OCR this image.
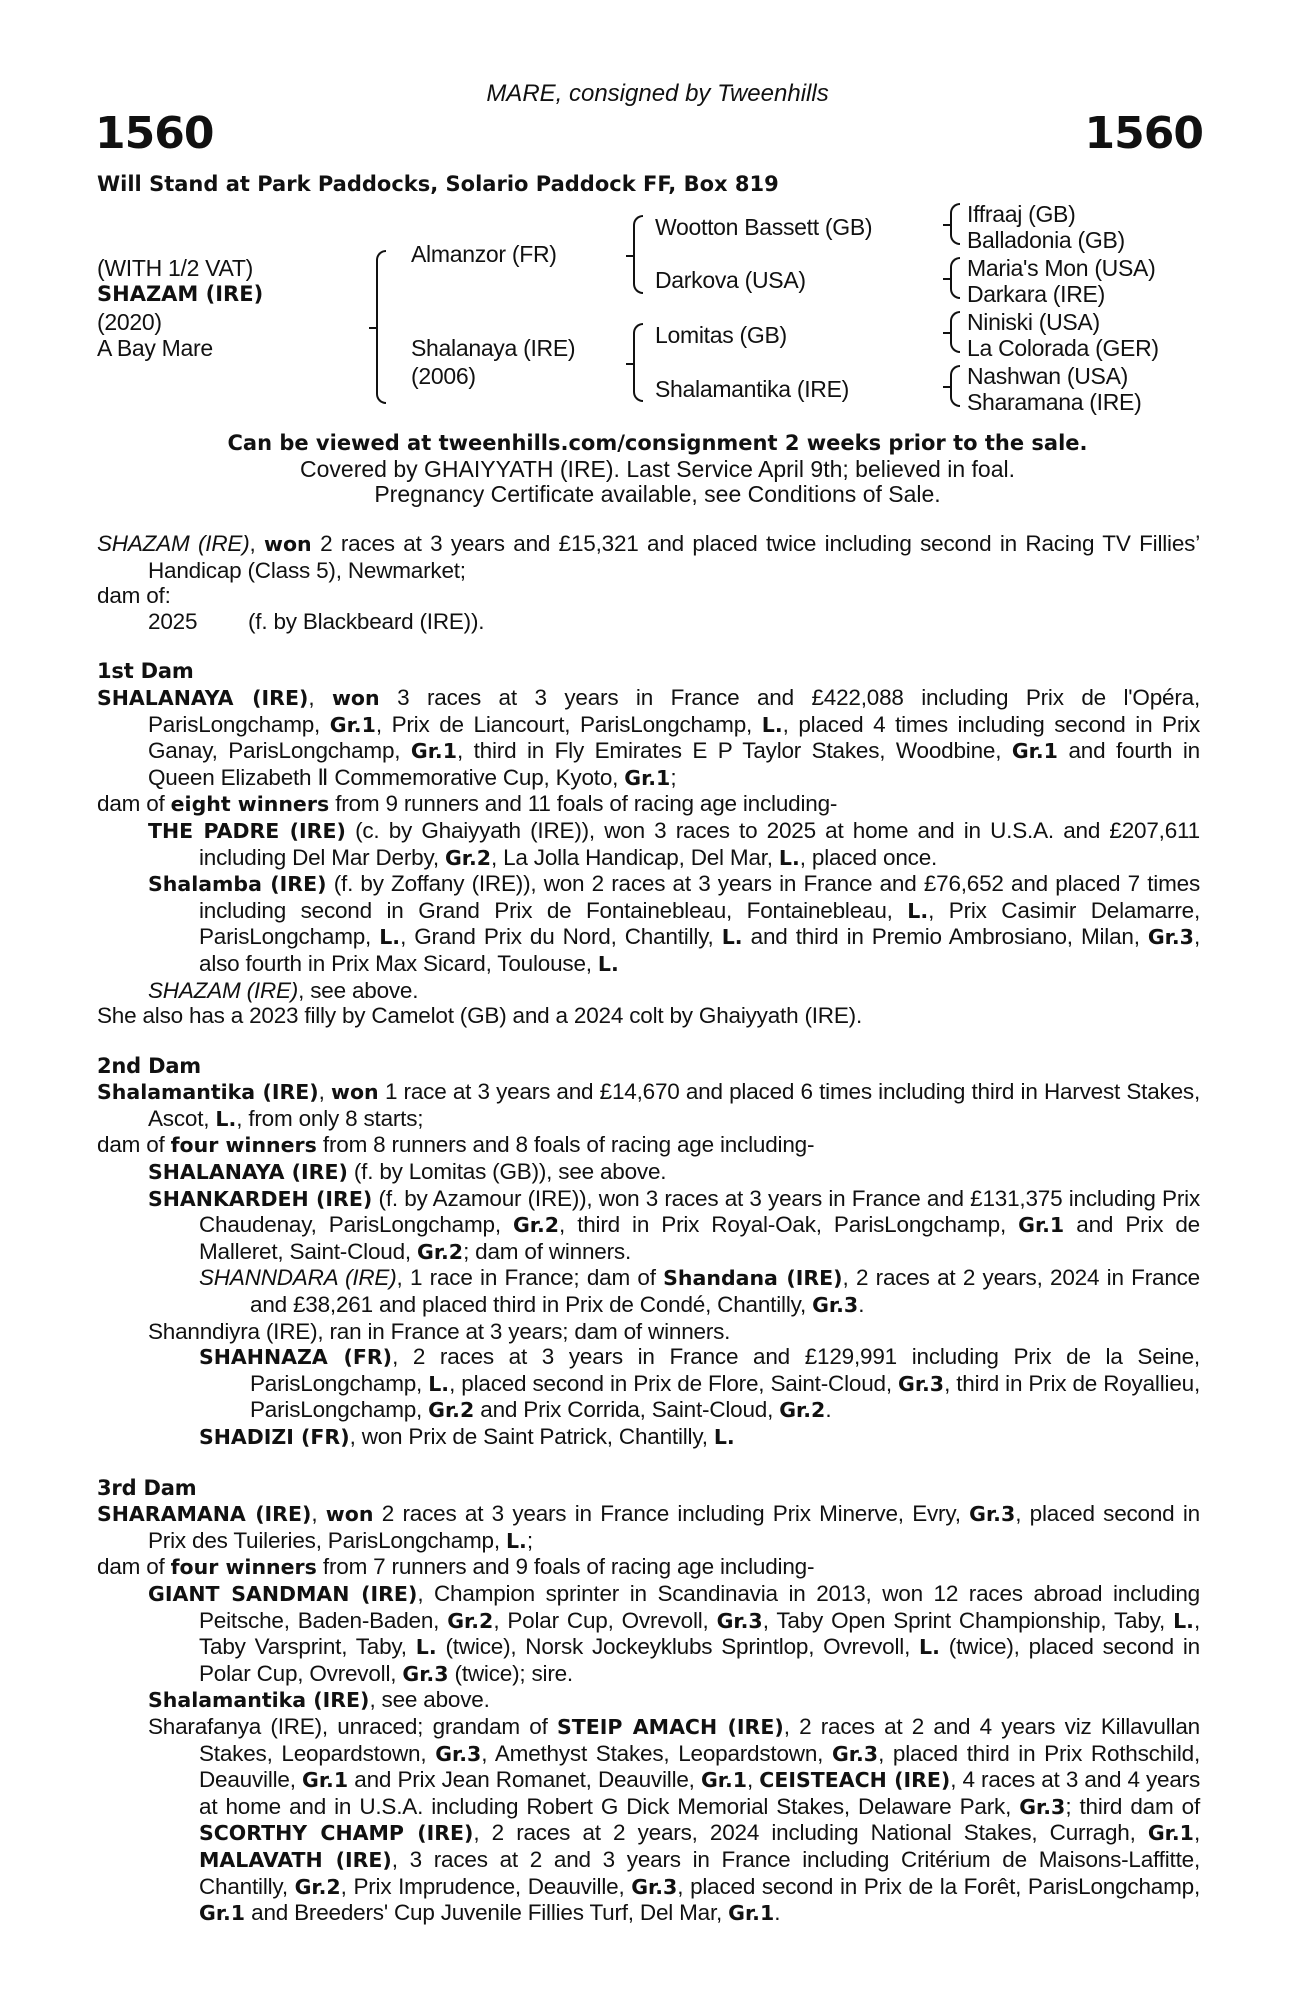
MARE, consigned by Tweenhills
1560	1560
Will Stand at Park Paddocks, Solario Paddock FF, Box 819
(WITH 1/2 VAT)
SHAZAM (IRE)
(2020)
A Bay Mare
Almanzor (FR)
Shalanaya (IRE)
(2006)
Wootton Bassett (GB)
Darkova (USA)
Lomitas (GB)
Shalamantika (IRE)
Iffraaj (GB)
Balladonia (GB)
Maria's Mon (USA)
Darkara (IRE)
Niniski (USA)
La Colorada (GER)
Nashwan (USA)
Sharamana (IRE)
Can be viewed at tweenhills.com/consignment 2 weeks prior to the sale.
Covered by GHAIYYATH (IRE). Last Service April 9th; believed in foal.
Pregnancy Certificate available, see Conditions of Sale.
SHAZAM (IRE), won 2 races at 3 years and £15,321 and placed twice including second in Racing TV Fillies’ Handicap (Class 5), Newmarket;
dam of:
2025 (f. by Blackbeard (IRE)).
1st Dam
SHALANAYA (IRE), won 3 races at 3 years in France and £422,088 including Prix de l'Opéra, ParisLongchamp, Gr.1, Prix de Liancourt, ParisLongchamp, L., placed 4 times including second in Prix Ganay, ParisLongchamp, Gr.1, third in Fly Emirates E P Taylor Stakes, Woodbine, Gr.1 and fourth in Queen Elizabeth Ⅱ Commemorative Cup, Kyoto, Gr.1;
dam of eight winners from 9 runners and 11 foals of racing age including-
THE PADRE (IRE) (c. by Ghaiyyath (IRE)), won 3 races to 2025 at home and in U.S.A. and £207,611 including Del Mar Derby, Gr.2, La Jolla Handicap, Del Mar, L., placed once.
Shalamba (IRE) (f. by Zoffany (IRE)), won 2 races at 3 years in France and £76,652 and placed 7 times including second in Grand Prix de Fontainebleau, Fontainebleau, L., Prix Casimir Delamarre, ParisLongchamp, L., Grand Prix du Nord, Chantilly, L. and third in Premio Ambrosiano, Milan, Gr.3, also fourth in Prix Max Sicard, Toulouse, L.
SHAZAM (IRE), see above.
She also has a 2023 filly by Camelot (GB) and a 2024 colt by Ghaiyyath (IRE).
2nd Dam
Shalamantika (IRE), won 1 race at 3 years and £14,670 and placed 6 times including third in Harvest Stakes, Ascot, L., from only 8 starts;
dam of four winners from 8 runners and 8 foals of racing age including-
SHALANAYA (IRE) (f. by Lomitas (GB)), see above.
SHANKARDEH (IRE) (f. by Azamour (IRE)), won 3 races at 3 years in France and £131,375 including Prix Chaudenay, ParisLongchamp, Gr.2, third in Prix Royal-Oak, ParisLongchamp, Gr.1 and Prix de Malleret, Saint-Cloud, Gr.2; dam of winners.
SHANNDARA (IRE), 1 race in France; dam of Shandana (IRE), 2 races at 2 years, 2024 in France and £38,261 and placed third in Prix de Condé, Chantilly, Gr.3.
Shanndiyra (IRE), ran in France at 3 years; dam of winners.
SHAHNAZA (FR), 2 races at 3 years in France and £129,991 including Prix de la Seine, ParisLongchamp, L., placed second in Prix de Flore, Saint-Cloud, Gr.3, third in Prix de Royallieu, ParisLongchamp, Gr.2 and Prix Corrida, Saint-Cloud, Gr.2.
SHADIZI (FR), won Prix de Saint Patrick, Chantilly, L.
3rd Dam
SHARAMANA (IRE), won 2 races at 3 years in France including Prix Minerve, Evry, Gr.3, placed second in Prix des Tuileries, ParisLongchamp, L.;
dam of four winners from 7 runners and 9 foals of racing age including-
GIANT SANDMAN (IRE), Champion sprinter in Scandinavia in 2013, won 12 races abroad including Peitsche, Baden-Baden, Gr.2, Polar Cup, Ovrevoll, Gr.3, Taby Open Sprint Championship, Taby, L., Taby Varsprint, Taby, L. (twice), Norsk Jockeyklubs Sprintlop, Ovrevoll, L. (twice), placed second in Polar Cup, Ovrevoll, Gr.3 (twice); sire.
Shalamantika (IRE), see above.
Sharafanya (IRE), unraced; grandam of STEIP AMACH (IRE), 2 races at 2 and 4 years viz Killavullan Stakes, Leopardstown, Gr.3, Amethyst Stakes, Leopardstown, Gr.3, placed third in Prix Rothschild, Deauville, Gr.1 and Prix Jean Romanet, Deauville, Gr.1, CEISTEACH (IRE), 4 races at 3 and 4 years at home and in U.S.A. including Robert G Dick Memorial Stakes, Delaware Park, Gr.3; third dam of SCORTHY CHAMP (IRE), 2 races at 2 years, 2024 including National Stakes, Curragh, Gr.1, MALAVATH (IRE), 3 races at 2 and 3 years in France including Critérium de Maisons-Laffitte, Chantilly, Gr.2, Prix Imprudence, Deauville, Gr.3, placed second in Prix de la Forêt, ParisLongchamp, Gr.1 and Breeders' Cup Juvenile Fillies Turf, Del Mar, Gr.1.
